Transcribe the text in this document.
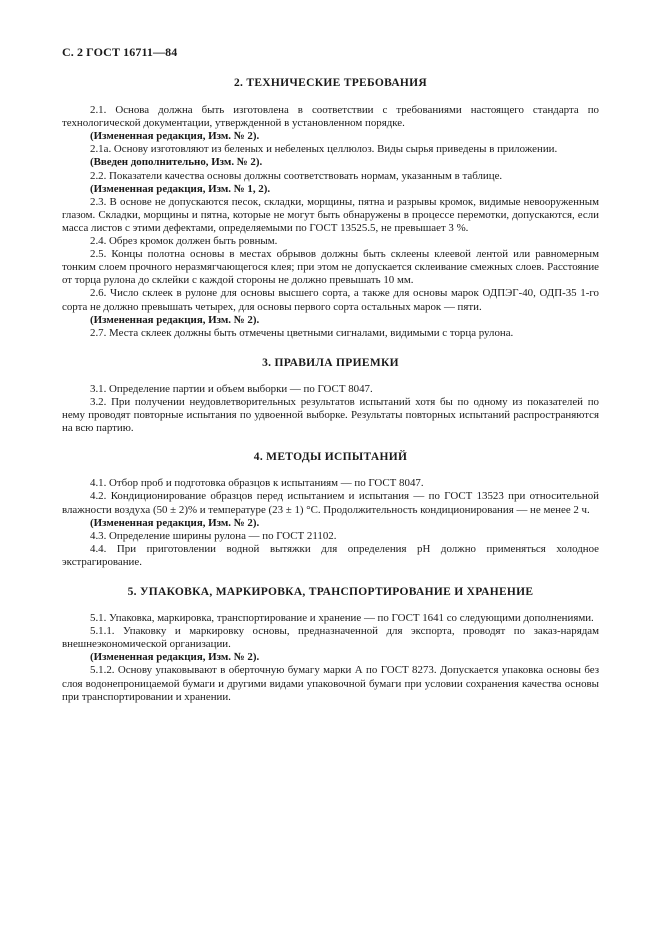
С. 2 ГОСТ 16711—84
2. ТЕХНИЧЕСКИЕ ТРЕБОВАНИЯ

2.1. Основа должна быть изготовлена в соответствии с требованиями настоящего стандарта по технологической документации, утвержденной в установленном порядке.

(Измененная редакция, Изм. № 2).

2.1а. Основу изготовляют из беленых и небеленых целлюлоз. Виды сырья приведены в приложении.

(Введен дополнительно, Изм. № 2).

2.2. Показатели качества основы должны соответствовать нормам, указанным в таблице.

(Измененная редакция, Изм. № 1, 2).

2.3. В основе не допускаются песок, складки, морщины, пятна и разрывы кромок, видимые невооруженным глазом. Складки, морщины и пятна, которые не могут быть обнаружены в процессе перемотки, допускаются, если масса листов с этими дефектами, определяемыми по ГОСТ 13525.5, не превышает 3 %.

2.4. Обрез кромок должен быть ровным.

2.5. Концы полотна основы в местах обрывов должны быть склеены клеевой лентой или равномерным тонким слоем прочного неразмягчающегося клея; при этом не допускается склеивание смежных слоев. Расстояние от торца рулона до склейки с каждой стороны не должно превышать 10 мм.

2.6. Число склеек в рулоне для основы высшего сорта, а также для основы марок ОДПЭГ-40, ОДП-35 1-го сорта не должно превышать четырех, для основы первого сорта остальных марок — пяти.

(Измененная редакция, Изм. № 2).

2.7. Места склеек должны быть отмечены цветными сигналами, видимыми с торца рулона.

3. ПРАВИЛА ПРИЕМКИ

3.1. Определение партии и объем выборки — по ГОСТ 8047.

3.2. При получении неудовлетворительных результатов испытаний хотя бы по одному из показателей по нему проводят повторные испытания по удвоенной выборке. Результаты повторных испытаний распространяются на всю партию.

4. МЕТОДЫ ИСПЫТАНИЙ

4.1. Отбор проб и подготовка образцов к испытаниям — по ГОСТ 8047.

4.2. Кондиционирование образцов перед испытанием и испытания — по ГОСТ 13523 при относительной влажности воздуха (50 ± 2)% и температуре (23 ± 1) °С. Продолжительность кондиционирования — не менее 2 ч.

(Измененная редакция, Изм. № 2).

4.3. Определение ширины рулона — по ГОСТ 21102.

4.4. При приготовлении водной вытяжки для определения pH должно применяться холодное экстрагирование.

5. УПАКОВКА, МАРКИРОВКА, ТРАНСПОРТИРОВАНИЕ И ХРАНЕНИЕ

5.1. Упаковка, маркировка, транспортирование и хранение — по ГОСТ 1641 со следующими дополнениями.

5.1.1. Упаковку и маркировку основы, предназначенной для экспорта, проводят по заказ-нарядам внешнеэкономической организации.

(Измененная редакция, Изм. № 2).

5.1.2. Основу упаковывают в оберточную бумагу марки А по ГОСТ 8273. Допускается упаковка основы без слоя водонепроницаемой бумаги и другими видами упаковочной бумаги при условии сохранения качества основы при транспортировании и хранении.
